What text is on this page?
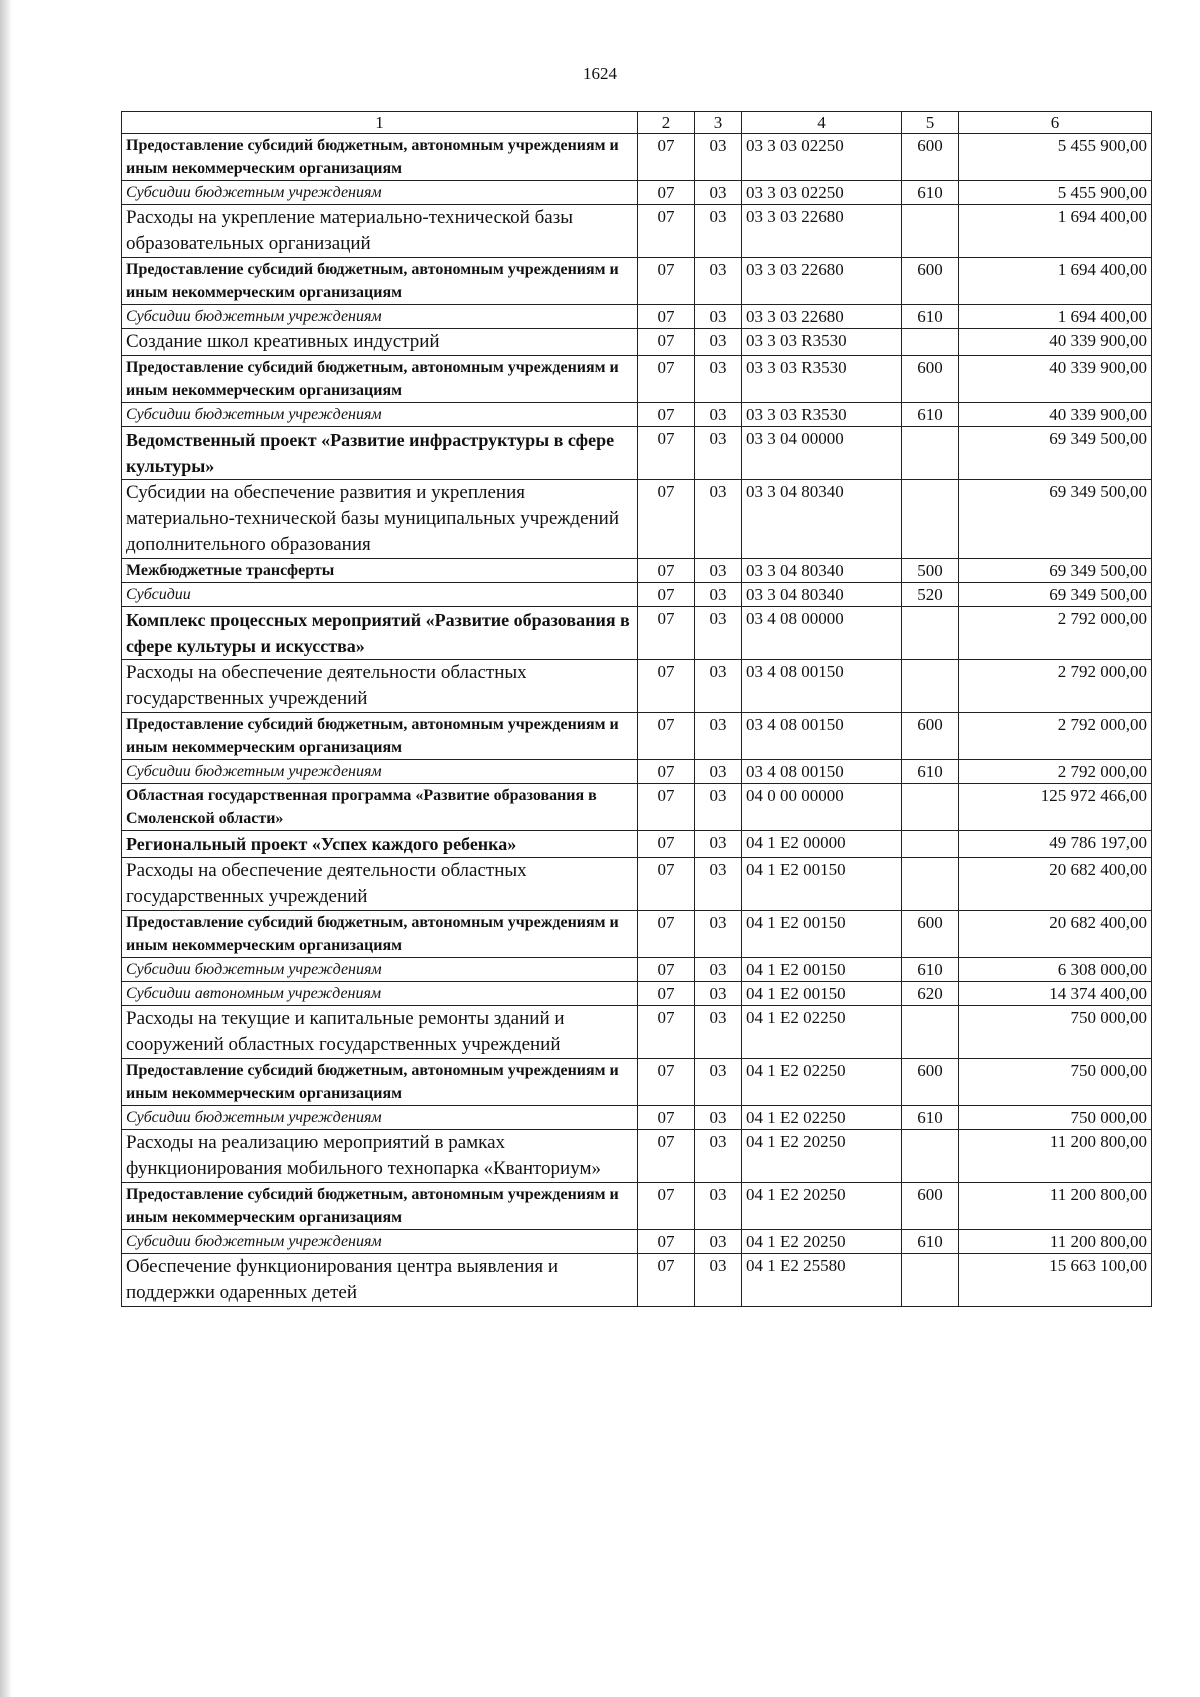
1624
1	2	3	4	5	6
Предоставление субсидий бюджетным, автономным учреждениям и иным некоммерческим организациям	07	03	03 3 03 02250	600	5 455 900,00
Субсидии бюджетным учреждениям	07	03	03 3 03 02250	610	5 455 900,00
Расходы на укрепление материально-технической базы образовательных организаций	07	03	03 3 03 22680		1 694 400,00
Предоставление субсидий бюджетным, автономным учреждениям и иным некоммерческим организациям	07	03	03 3 03 22680	600	1 694 400,00
Субсидии бюджетным учреждениям	07	03	03 3 03 22680	610	1 694 400,00
Создание школ креативных индустрий	07	03	03 3 03 R3530		40 339 900,00
Предоставление субсидий бюджетным, автономным учреждениям и иным некоммерческим организациям	07	03	03 3 03 R3530	600	40 339 900,00
Субсидии бюджетным учреждениям	07	03	03 3 03 R3530	610	40 339 900,00
Ведомственный проект «Развитие инфраструктуры в сфере культуры»	07	03	03 3 04 00000		69 349 500,00
Субсидии на обеспечение развития и укрепления материально-технической базы муниципальных учреждений дополнительного образования	07	03	03 3 04 80340		69 349 500,00
Межбюджетные трансферты	07	03	03 3 04 80340	500	69 349 500,00
Субсидии	07	03	03 3 04 80340	520	69 349 500,00
Комплекс процессных мероприятий «Развитие образования в сфере культуры и искусства»	07	03	03 4 08 00000		2 792 000,00
Расходы на обеспечение деятельности областных государственных учреждений	07	03	03 4 08 00150		2 792 000,00
Предоставление субсидий бюджетным, автономным учреждениям и иным некоммерческим организациям	07	03	03 4 08 00150	600	2 792 000,00
Субсидии бюджетным учреждениям	07	03	03 4 08 00150	610	2 792 000,00
Областная государственная программа «Развитие образования в Смоленской области»	07	03	04 0 00 00000		125 972 466,00
Региональный проект «Успех каждого ребенка»	07	03	04 1 E2 00000		49 786 197,00
Расходы на обеспечение деятельности областных государственных учреждений	07	03	04 1 E2 00150		20 682 400,00
Предоставление субсидий бюджетным, автономным учреждениям и иным некоммерческим организациям	07	03	04 1 E2 00150	600	20 682 400,00
Субсидии бюджетным учреждениям	07	03	04 1 E2 00150	610	6 308 000,00
Субсидии автономным учреждениям	07	03	04 1 E2 00150	620	14 374 400,00
Расходы на текущие и капитальные ремонты зданий и сооружений областных государственных учреждений	07	03	04 1 E2 02250		750 000,00
Предоставление субсидий бюджетным, автономным учреждениям и иным некоммерческим организациям	07	03	04 1 E2 02250	600	750 000,00
Субсидии бюджетным учреждениям	07	03	04 1 E2 02250	610	750 000,00
Расходы на реализацию мероприятий в рамках функционирования мобильного технопарка «Кванториум»	07	03	04 1 E2 20250		11 200 800,00
Предоставление субсидий бюджетным, автономным учреждениям и иным некоммерческим организациям	07	03	04 1 E2 20250	600	11 200 800,00
Субсидии бюджетным учреждениям	07	03	04 1 E2 20250	610	11 200 800,00
Обеспечение функционирования центра выявления и поддержки одаренных детей	07	03	04 1 E2 25580		15 663 100,00
